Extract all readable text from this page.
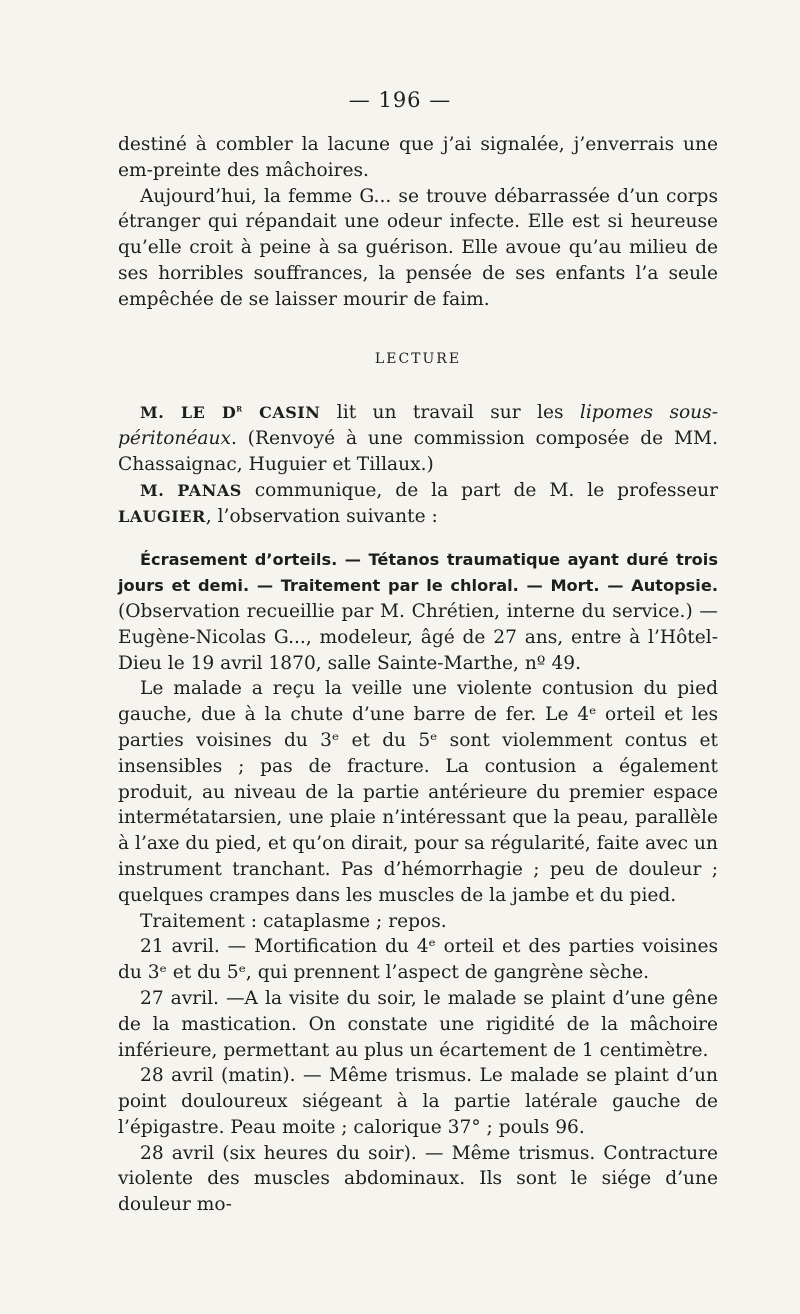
— 196 —

destiné à combler la lacune que j’ai signalée, j’enverrais une em-preinte des mâchoires.

Aujourd’hui, la femme G... se trouve débarrassée d’un corps étranger qui répandait une odeur infecte. Elle est si heureuse qu’elle croit à peine à sa guérison. Elle avoue qu’au milieu de ses horribles souffrances, la pensée de ses enfants l’a seule empêchée de se laisser mourir de faim.

LECTURE

M. LE $D^r$ CASIN lit un travail sur les lipomes sous-péritonéaux. (Renvoyé à une commission composée de MM. Chassaignac, Huguier et Tillaux.)

M. PANAS communique, de la part de M. le professeur LAUGIER, l’observation suivante :

Écrasement d’orteils. — Tétanos traumatique ayant duré trois jours et demi. — Traitement par le chloral. — Mort. — Autopsie. (Observation recueillie par M. Chrétien, interne du service.) — Eugène-Nicolas G..., modeleur, âgé de 27 ans, entre à l’Hôtel-Dieu le 19 avril 1870, salle Sainte-Marthe, nº 49.

Le malade a reçu la veille une violente contusion du pied gauche, due à la chute d’une barre de fer. Le 4ᵉ orteil et les parties voisines du 3ᵉ et du 5ᵉ sont violemment contus et insensibles ; pas de fracture. La contusion a également produit, au niveau de la partie antérieure du premier espace intermétatarsien, une plaie n’intéressant que la peau, parallèle à l’axe du pied, et qu’on dirait, pour sa régularité, faite avec un instrument tranchant. Pas d’hémorrhagie ; peu de douleur ; quelques crampes dans les muscles de la jambe et du pied.

Traitement : cataplasme ; repos.

21 avril. — Mortification du 4ᵉ orteil et des parties voisines du 3ᵉ et du 5ᵉ, qui prennent l’aspect de gangrène sèche.

27 avril. —A la visite du soir, le malade se plaint d’une gêne de la mastication. On constate une rigidité de la mâchoire inférieure, permettant au plus un écartement de 1 centimètre.

28 avril (matin). — Même trismus. Le malade se plaint d’un point douloureux siégeant à la partie latérale gauche de l’épigastre. Peau moite ; calorique 37° ; pouls 96.

28 avril (six heures du soir). — Même trismus. Contracture violente des muscles abdominaux. Ils sont le siége d’une douleur mo-
